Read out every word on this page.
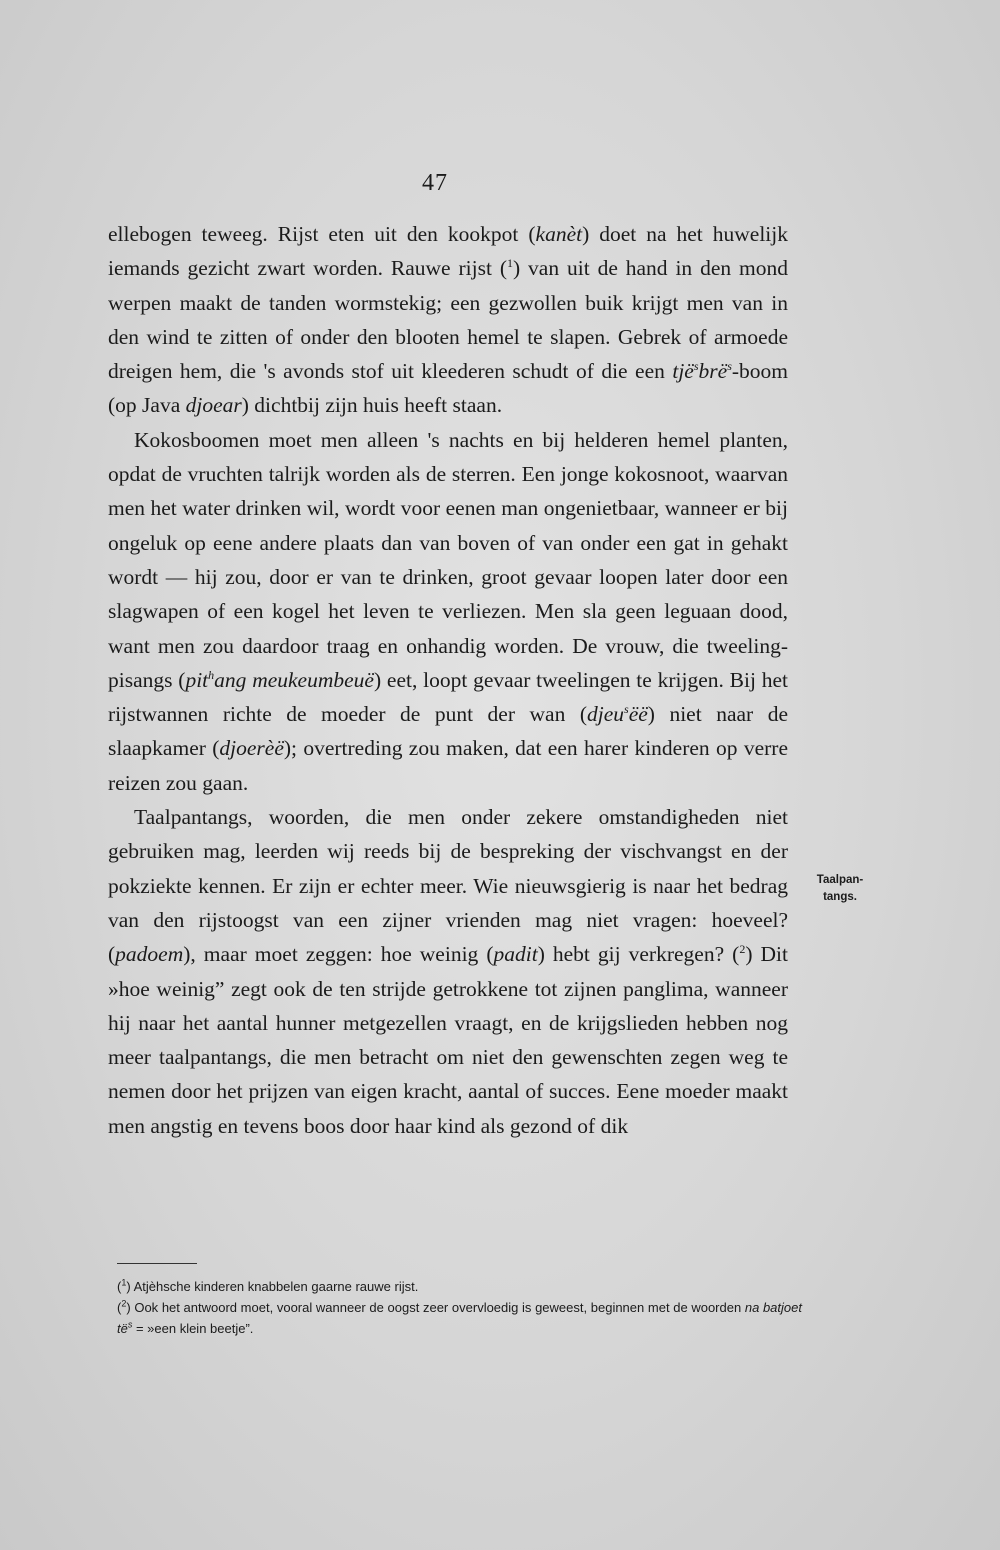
47

ellebogen teweeg. Rijst eten uit den kookpot (kanèt) doet na het huwelijk iemands gezicht zwart worden. Rauwe rijst ($^1$) van uit de hand in den mond werpen maakt de tanden wormstekig; een gezwollen buik krijgt men van in den wind te zitten of onder den blooten hemel te slapen. Gebrek of armoede dreigen hem, die 's avonds stof uit kleederen schudt of die een tjë$^s$brë$^s$-boom (op Java djoear) dichtbij zijn huis heeft staan.

Kokosboomen moet men alleen 's nachts en bij helderen hemel planten, opdat de vruchten talrijk worden als de sterren. Een jonge kokosnoot, waarvan men het water drinken wil, wordt voor eenen man ongenietbaar, wanneer er bij ongeluk op eene andere plaats dan van boven of van onder een gat in gehakt wordt — hij zou, door er van te drinken, groot gevaar loopen later door een slagwapen of een kogel het leven te verliezen. Men sla geen leguaan dood, want men zou daardoor traag en onhandig worden. De vrouw, die tweeling-pisangs (pit$^h$ang meukeumbeuë) eet, loopt gevaar tweelingen te krijgen. Bij het rijstwannen richte de moeder de punt der wan (djeu$^s$ëë) niet naar de slaapkamer (djoerèë); overtreding zou maken, dat een harer kinderen op verre reizen zou gaan.

Taalpantangs, woorden, die men onder zekere omstandigheden niet gebruiken mag, leerden wij reeds bij de bespreking der vischvangst en der pokziekte kennen. Er zijn er echter meer. Wie nieuwsgierig is naar het bedrag van den rijstoogst van een zijner vrienden mag niet vragen: hoeveel? (padoem), maar moet zeggen: hoe weinig (padit) hebt gij verkregen? ($^2$) Dit »hoe weinig” zegt ook de ten strijde getrokkene tot zijnen panglima, wanneer hij naar het aantal hunner metgezellen vraagt, en de krijgslieden hebben nog meer taalpantangs, die men betracht om niet den gewenschten zegen weg te nemen door het prijzen van eigen kracht, aantal of succes. Eene moeder maakt men angstig en tevens boos door haar kind als gezond of dik

Taalpan-
tangs.

($^1$) Atjèhsche kinderen knabbelen gaarne rauwe rijst.

($^2$) Ook het antwoord moet, vooral wanneer de oogst zeer overvloedig is geweest, beginnen met de woorden na batjoet $të^s$ = »een klein beetje”.
